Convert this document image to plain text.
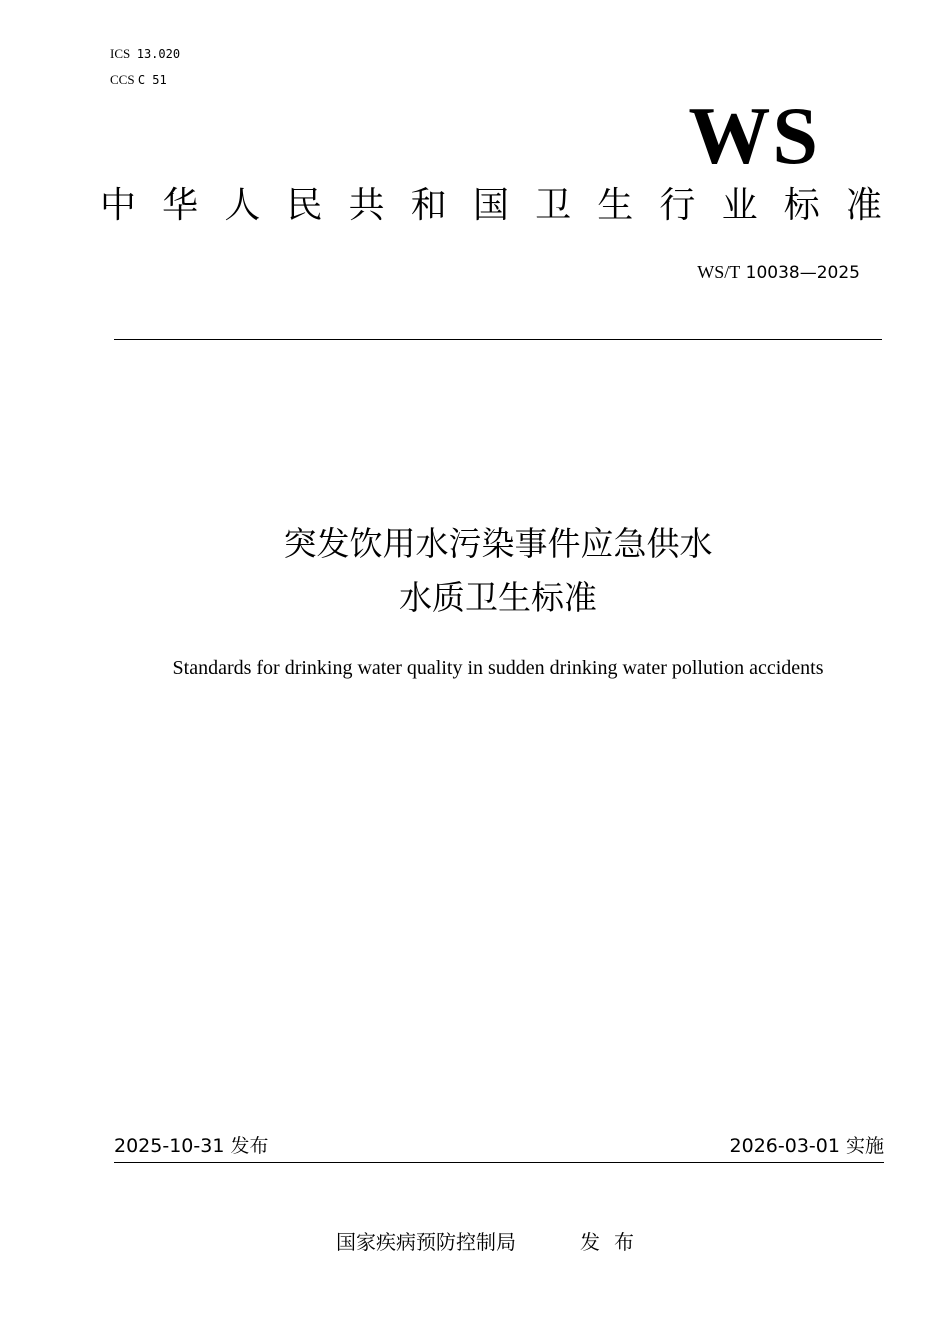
ICS 13.020
CCS C 51
WS
中 华 人 民 共 和 国 卫 生 行 业 标 准
WS/T 10038—2025
突发饮用水污染事件应急供水
水质卫生标准
Standards for drinking water quality in sudden drinking water pollution accidents
2025-10-31 发布	2026-03-01 实施
国家疾病预防控制局	发布
